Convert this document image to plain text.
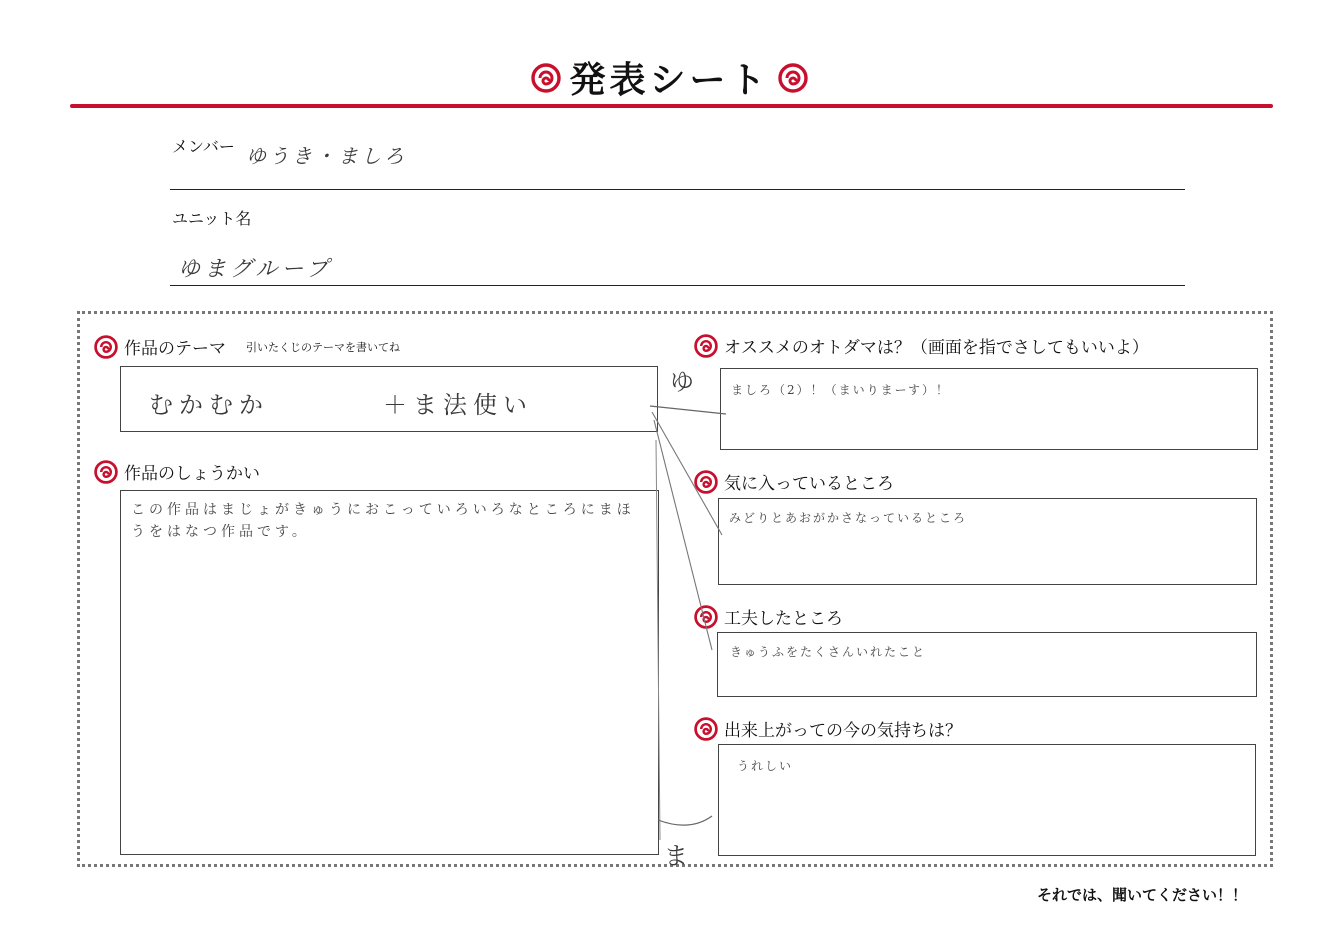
発表シート
メンバー ゆうき・ましろ
ユニット名
ゆまグループ
作品のテーマ 引いたくじのテーマを書いてね
むかむか	＋ま法使い
作品のしょうかい
この作品はまじょがきゅうにおこっていろいろなところにまほうをはなつ作品です。
オススメのオトダマは？（画面を指でさしてもいいよ）
ましろ（2）！（まいりまーす）！
気に入っているところ
みどりとあおがかさなっているところ
工夫したところ
きゅうふをたくさんいれたこと
出来上がっての今の気持ちは？
うれしい
ゆ
ま
それでは、聞いてください！！
